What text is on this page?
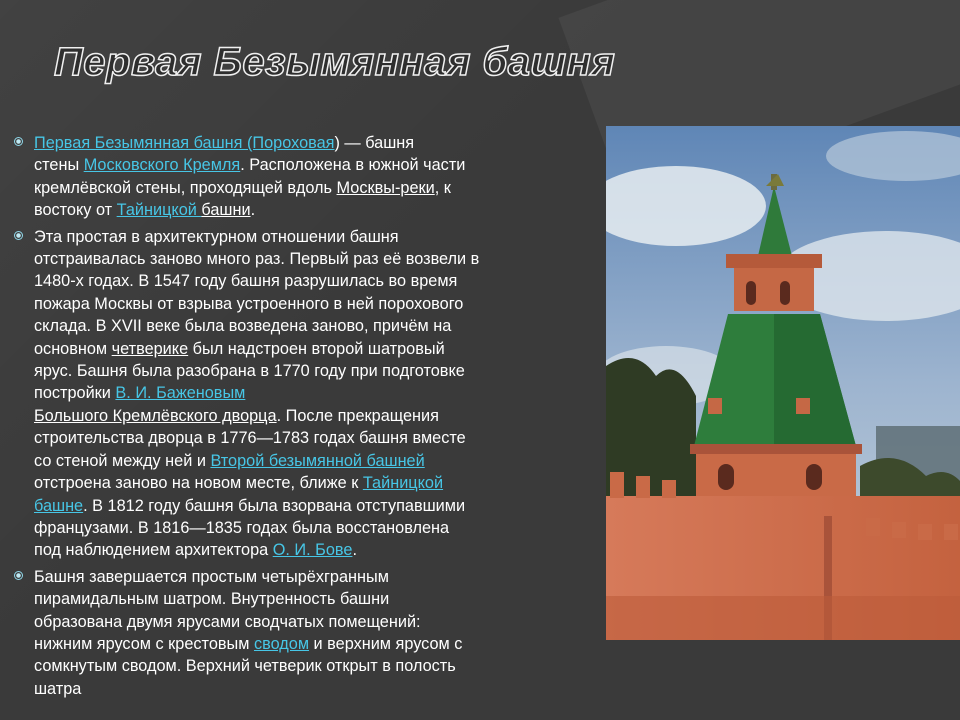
Первая Безымянная башня
Первая Безымянная башня (Пороховая) — башня
стены Московского Кремля. Расположена в южной части
кремлёвской стены, проходящей вдоль Москвы-реки, к
востоку от Тайницкой башни.
Эта простая в архитектурном отношении башня
отстраивалась заново много раз. Первый раз её возвели в
1480-х годах. В 1547 году башня разрушилась во время
пожара Москвы от взрыва устроенного в ней порохового
склада. В XVII веке была возведена заново, причём на
основном четверике был надстроен второй шатровый
ярус. Башня была разобрана в 1770 году при подготовке
постройки В. И. Баженовым
Большого Кремлёвского дворца. После прекращения
строительства дворца в 1776—1783 годах башня вместе
со стеной между ней и Второй безымянной башней
отстроена заново на новом месте, ближе к Тайницкой
башне. В 1812 году башня была взорвана отступавшими
французами. В 1816—1835 годах была восстановлена
под наблюдением архитектора О. И. Бове.
Башня завершается простым четырёхгранным
пирамидальным шатром. Внутренность башни
образована двумя ярусами сводчатых помещений:
нижним ярусом с крестовым сводом и верхним ярусом с
сомкнутым сводом. Верхний четверик открыт в полость
шатра
